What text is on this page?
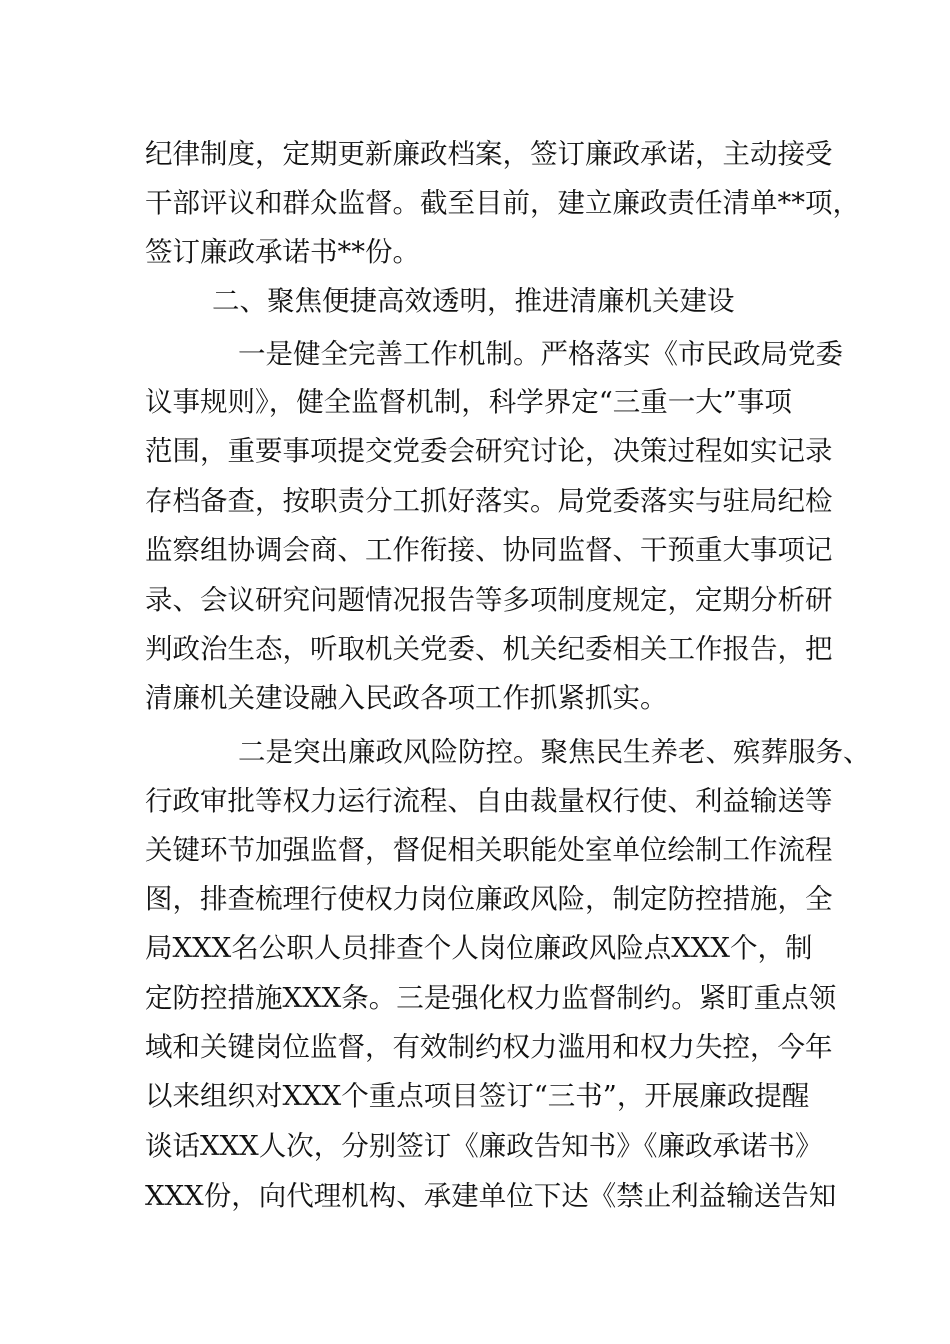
纪律制度，定期更新廉政档案，签订廉政承诺，主动接受
干部评议和群众监督。截至目前，建立廉政责任清单**项，
签订廉政承诺书**份。
二、聚焦便捷高效透明，推进清廉机关建设
一是健全完善工作机制。严格落实《市民政局党委
议事规则》，健全监督机制，科学界定“三重一大”事项
范围，重要事项提交党委会研究讨论，决策过程如实记录
存档备查，按职责分工抓好落实。局党委落实与驻局纪检
监察组协调会商、工作衔接、协同监督、干预重大事项记
录、会议研究问题情况报告等多项制度规定，定期分析研
判政治生态，听取机关党委、机关纪委相关工作报告，把
清廉机关建设融入民政各项工作抓紧抓实。
二是突出廉政风险防控。聚焦民生养老、殡葬服务、
行政审批等权力运行流程、自由裁量权行使、利益输送等
关键环节加强监督，督促相关职能处室单位绘制工作流程
图，排查梳理行使权力岗位廉政风险，制定防控措施，全
局XXX名公职人员排查个人岗位廉政风险点XXX个，制
定防控措施XXX条。三是强化权力监督制约。紧盯重点领
域和关键岗位监督，有效制约权力滥用和权力失控，今年
以来组织对XXX个重点项目签订“三书”，开展廉政提醒
谈话XXX人次，分别签订《廉政告知书》《廉政承诺书》
XXX份，向代理机构、承建单位下达《禁止利益输送告知
